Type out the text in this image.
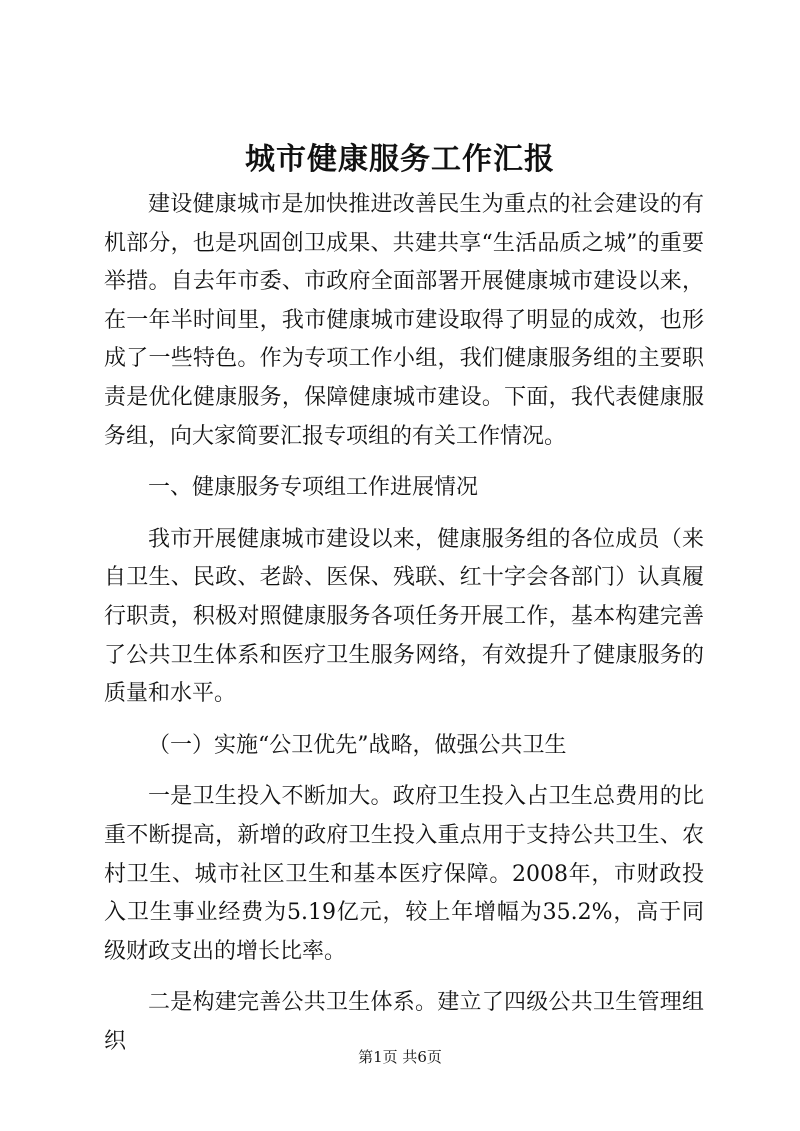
城市健康服务工作汇报

建设健康城市是加快推进改善民生为重点的社会建设的有机部分，也是巩固创卫成果、共建共享“生活品质之城”的重要举措。自去年市委、市政府全面部署开展健康城市建设以来，在一年半时间里，我市健康城市建设取得了明显的成效，也形成了一些特色。作为专项工作小组，我们健康服务组的主要职责是优化健康服务，保障健康城市建设。下面，我代表健康服务组，向大家简要汇报专项组的有关工作情况。

一、健康服务专项组工作进展情况

我市开展健康城市建设以来，健康服务组的各位成员（来自卫生、民政、老龄、医保、残联、红十字会各部门）认真履行职责，积极对照健康服务各项任务开展工作，基本构建完善了公共卫生体系和医疗卫生服务网络，有效提升了健康服务的质量和水平。

（一）实施“公卫优先”战略，做强公共卫生

一是卫生投入不断加大。政府卫生投入占卫生总费用的比重不断提高，新增的政府卫生投入重点用于支持公共卫生、农村卫生、城市社区卫生和基本医疗保障。2008年，市财政投入卫生事业经费为5.19亿元，较上年增幅为35.2%，高于同级财政支出的增长比率。

二是构建完善公共卫生体系。建立了四级公共卫生管理组织

第1页 共6页
